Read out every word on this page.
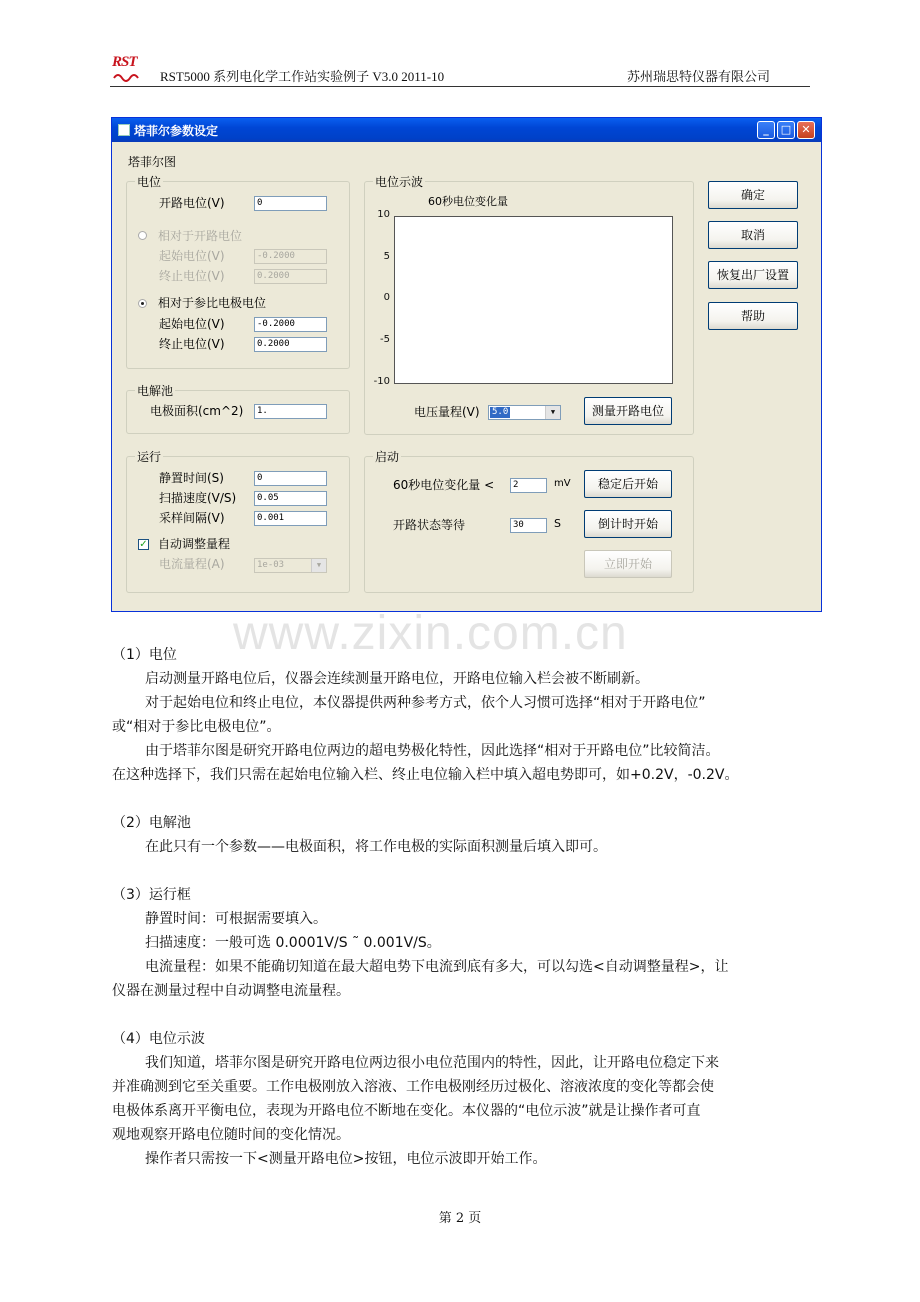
RST
RST5000 系列电化学工作站实验例子 V3.0 2011-10	苏州瑞思特仪器有限公司
塔菲尔参数设定	_	□ ✕
塔菲尔图
电位
开路电位(V)	0
相对于开路电位
起始电位(V)	-0.2000
终止电位(V)	0.2000
相对于参比电极电位
起始电位(V)	-0.2000
终止电位(V)	0.2000
电解池
电极面积(cm^2)	1.
运行
静置时间(S)	0
扫描速度(V/S)	0.05
采样间隔(V)	0.001
✓ 自动调整量程
电流量程(A)	1e-03	▼
电位示波
60秒电位变化量
10
5
0
-5
-10
电压量程(V) 5.0	▼	测量开路电位
启动
60秒电位变化量 <	2	mV	稳定后开始
开路状态等待	30	S	倒计时开始
立即开始
确定
取消
恢复出厂设置
帮助
www.zixin.com.cn
（1）电位
启动测量开路电位后，仪器会连续测量开路电位，开路电位输入栏会被不断刷新。
对于起始电位和终止电位，本仪器提供两种参考方式，依个人习惯可选择“相对于开路电位”
或“相对于参比电极电位”。
由于塔菲尔图是研究开路电位两边的超电势极化特性，因此选择“相对于开路电位”比较简洁。
在这种选择下，我们只需在起始电位输入栏、终止电位输入栏中填入超电势即可，如+0.2V，-0.2V。
（2）电解池
在此只有一个参数——电极面积，将工作电极的实际面积测量后填入即可。
（3）运行框
静置时间：可根据需要填入。
扫描速度：一般可选 0.0001V/S ˜ 0.001V/S。
电流量程：如果不能确切知道在最大超电势下电流到底有多大，可以勾选<自动调整量程>，让
仪器在测量过程中自动调整电流量程。
（4）电位示波
我们知道，塔菲尔图是研究开路电位两边很小电位范围内的特性，因此，让开路电位稳定下来
并准确测到它至关重要。工作电极刚放入溶液、工作电极刚经历过极化、溶液浓度的变化等都会使
电极体系离开平衡电位，表现为开路电位不断地在变化。本仪器的“电位示波”就是让操作者可直
观地观察开路电位随时间的变化情况。
操作者只需按一下<测量开路电位>按钮，电位示波即开始工作。
第 2 页
